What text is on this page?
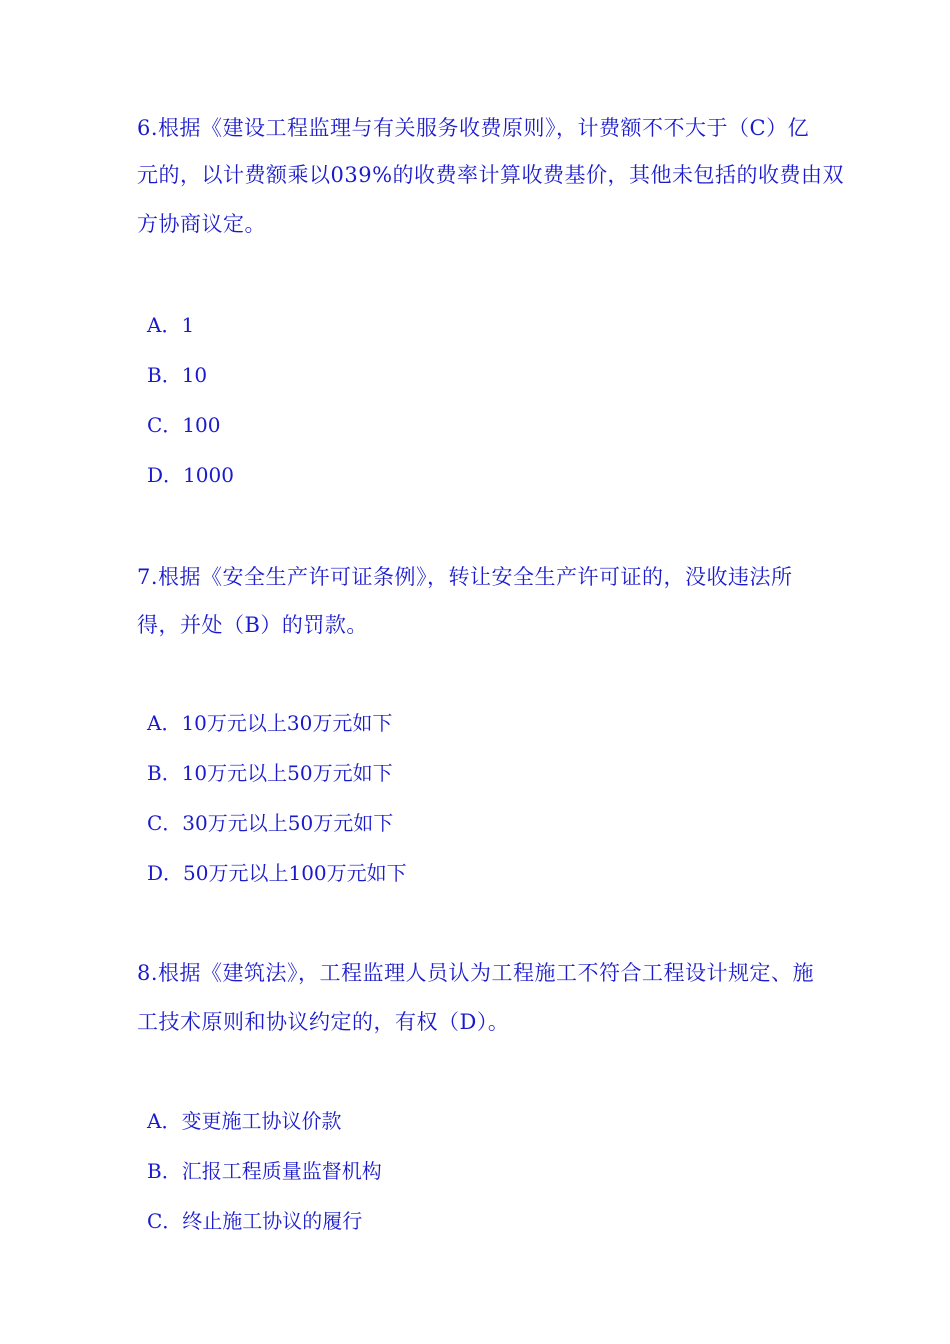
6.根据《建设工程监理与有关服务收费原则》，计费额不不大于（C）亿
元的，以计费额乘以039%的收费率计算收费基价，其他未包括的收费由双
方协商议定。
A．1
B．10
C．100
D．1000
7.根据《安全生产许可证条例》，转让安全生产许可证的，没收违法所
得，并处（B）的罚款。
A．10万元以上30万元如下
B．10万元以上50万元如下
C．30万元以上50万元如下
D．50万元以上100万元如下
8.根据《建筑法》，工程监理人员认为工程施工不符合工程设计规定、施
工技术原则和协议约定的，有权（D）。
A．变更施工协议价款
B．汇报工程质量监督机构
C．终止施工协议的履行
